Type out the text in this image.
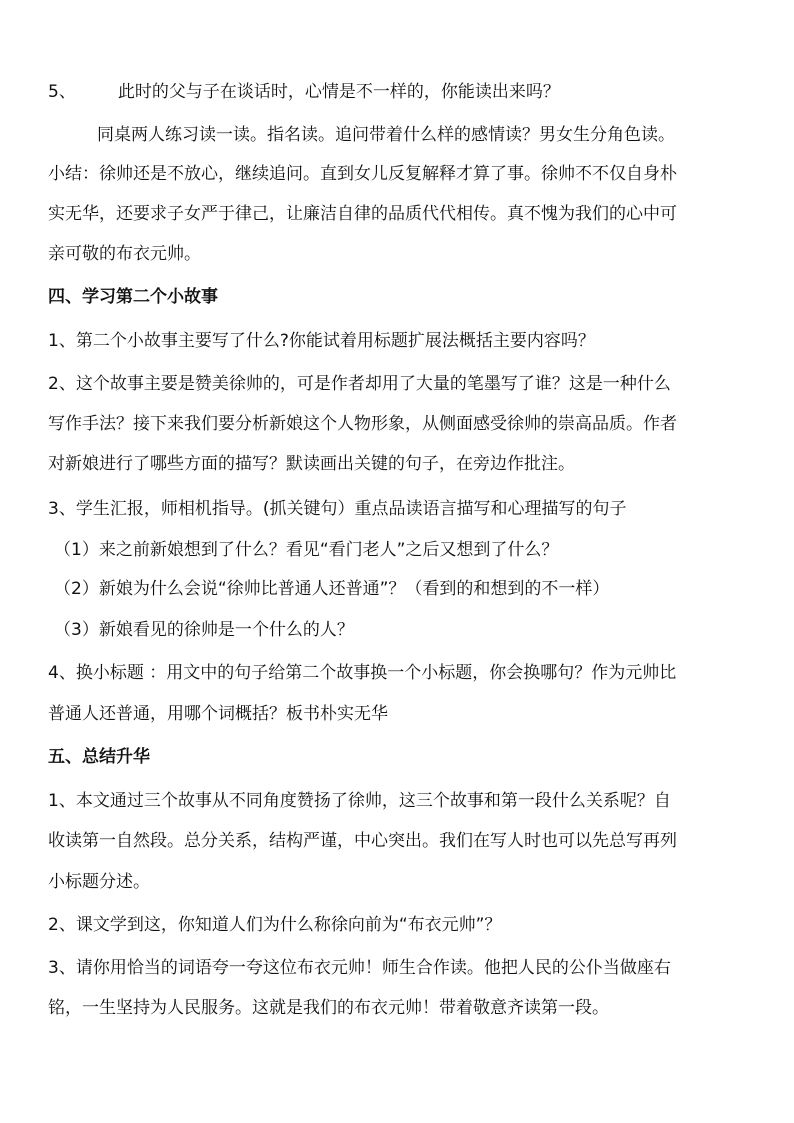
5、 此时的父与子在谈话时，心情是不一样的，你能读出来吗？
同桌两人练习读一读。指名读。追问带着什么样的感情读？男女生分角色读。
小结：徐帅还是不放心，继续追问。直到女儿反复解释才算了事。徐帅不不仅自身朴
实无华，还要求子女严于律己，让廉洁自律的品质代代相传。真不愧为我们的心中可
亲可敬的布衣元帅。
四、学习第二个小故事
1、第二个小故事主要写了什么?你能试着用标题扩展法概括主要内容吗？
2、这个故事主要是赞美徐帅的，可是作者却用了大量的笔墨写了谁？这是一种什么
写作手法？接下来我们要分析新娘这个人物形象，从侧面感受徐帅的崇高品质。作者
对新娘进行了哪些方面的描写？默读画出关键的句子，在旁边作批注。
3、学生汇报，师相机指导。(抓关键句）重点品读语言描写和心理描写的句子
（1）来之前新娘想到了什么？看见“看门老人”之后又想到了什么？
（2）新娘为什么会说“徐帅比普通人还普通”？（看到的和想到的不一样）
（3）新娘看见的徐帅是一个什么的人？
4、换小标题 ：用文中的句子给第二个故事换一个小标题，你会换哪句？作为元帅比
普通人还普通，用哪个词概括？板书朴实无华
五、总结升华
1、本文通过三个故事从不同角度赞扬了徐帅，这三个故事和第一段什么关系呢？自
收读第一自然段。总分关系，结构严谨，中心突出。我们在写人时也可以先总写再列
小标题分述。
2、课文学到这，你知道人们为什么称徐向前为“布衣元帅”？
3、请你用恰当的词语夸一夸这位布衣元帅！师生合作读。他把人民的公仆当做座右
铭，一生坚持为人民服务。这就是我们的布衣元帅！带着敬意齐读第一段。
